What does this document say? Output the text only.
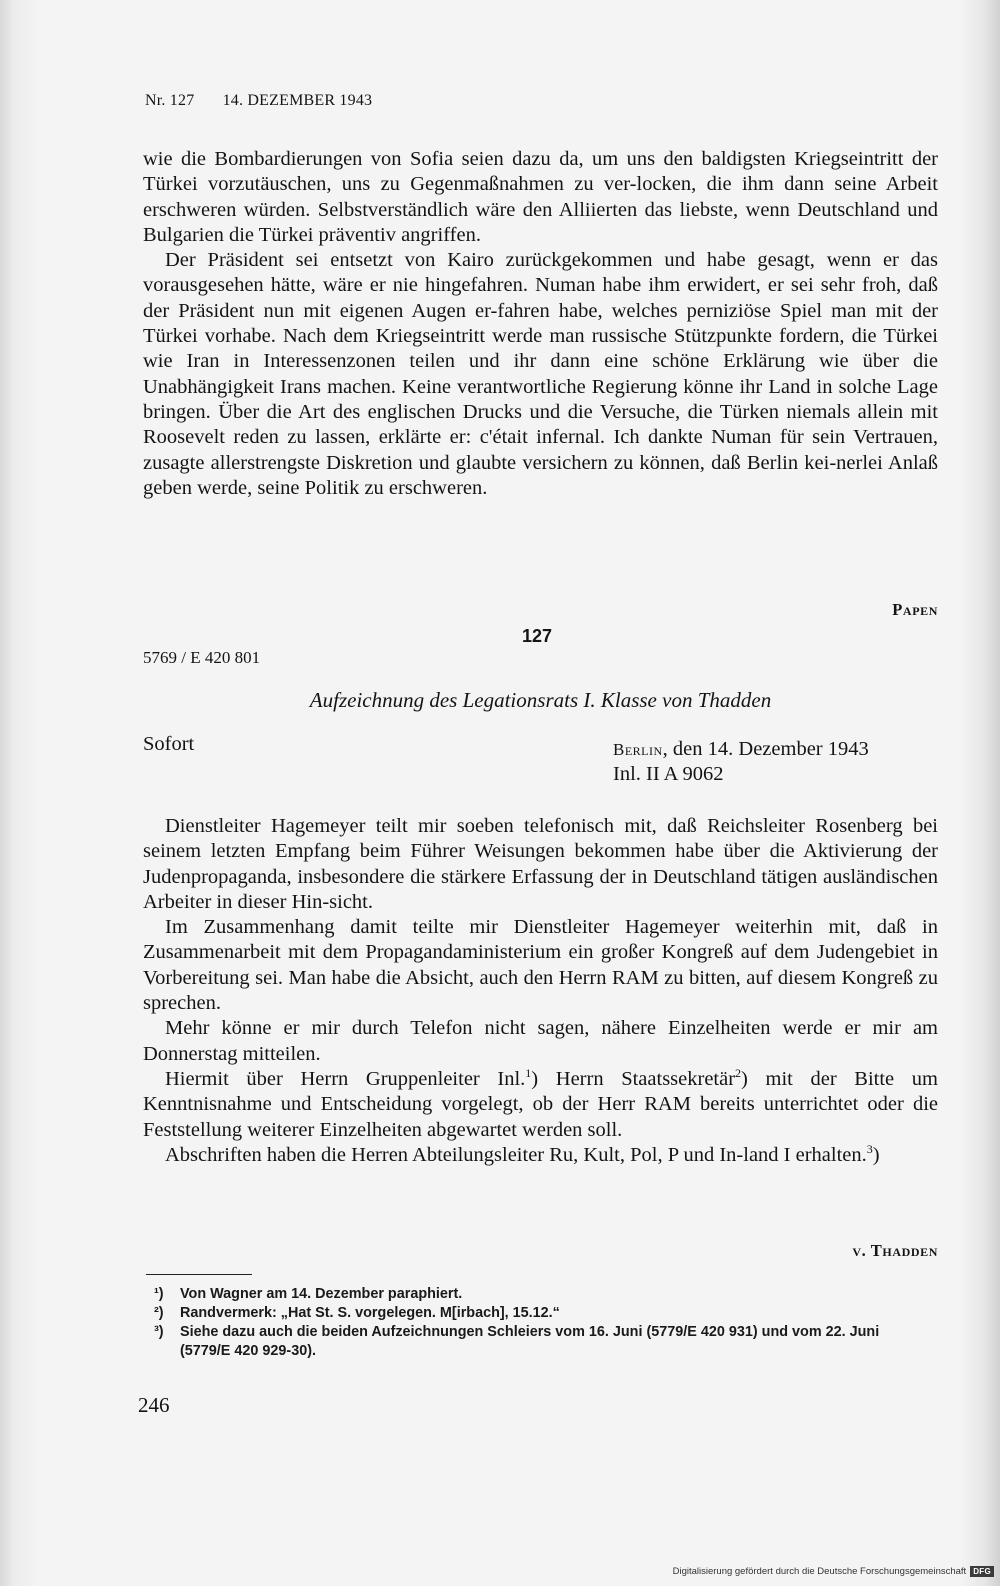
Nr. 127 14. DEZEMBER 1943

wie die Bombardierungen von Sofia seien dazu da, um uns den baldigsten Kriegseintritt der Türkei vorzutäuschen, uns zu Gegenmaßnahmen zu ver-locken, die ihm dann seine Arbeit erschweren würden. Selbstverständlich wäre den Alliierten das liebste, wenn Deutschland und Bulgarien die Türkei präventiv angriffen.

Der Präsident sei entsetzt von Kairo zurückgekommen und habe gesagt, wenn er das vorausgesehen hätte, wäre er nie hingefahren. Numan habe ihm erwidert, er sei sehr froh, daß der Präsident nun mit eigenen Augen er-fahren habe, welches perniziöse Spiel man mit der Türkei vorhabe. Nach dem Kriegseintritt werde man russische Stützpunkte fordern, die Türkei wie Iran in Interessenzonen teilen und ihr dann eine schöne Erklärung wie über die Unabhängigkeit Irans machen. Keine verantwortliche Regierung könne ihr Land in solche Lage bringen. Über die Art des englischen Drucks und die Versuche, die Türken niemals allein mit Roosevelt reden zu lassen, erklärte er: c'était infernal. Ich dankte Numan für sein Vertrauen, zusagte allerstrengste Diskretion und glaubte versichern zu können, daß Berlin kei-nerlei Anlaß geben werde, seine Politik zu erschweren.

Papen
127
5769 / E 420 801
Aufzeichnung des Legationsrats I. Klasse von Thadden
Sofort	Berlin, den 14. Dezember 1943
Inl. II A 9062

Dienstleiter Hagemeyer teilt mir soeben telefonisch mit, daß Reichsleiter Rosenberg bei seinem letzten Empfang beim Führer Weisungen bekommen habe über die Aktivierung der Judenpropaganda, insbesondere die stärkere Erfassung der in Deutschland tätigen ausländischen Arbeiter in dieser Hin-sicht.

Im Zusammenhang damit teilte mir Dienstleiter Hagemeyer weiterhin mit, daß in Zusammenarbeit mit dem Propagandaministerium ein großer Kongreß auf dem Judengebiet in Vorbereitung sei. Man habe die Absicht, auch den Herrn RAM zu bitten, auf diesem Kongreß zu sprechen.

Mehr könne er mir durch Telefon nicht sagen, nähere Einzelheiten werde er mir am Donnerstag mitteilen.

Hiermit über Herrn Gruppenleiter Inl.$^1$) Herrn Staatssekretär$^2$) mit der Bitte um Kenntnisnahme und Entscheidung vorgelegt, ob der Herr RAM bereits unterrichtet oder die Feststellung weiterer Einzelheiten abgewartet werden soll.

Abschriften haben die Herren Abteilungsleiter Ru, Kult, Pol, P und In-land I erhalten.$^3$)

v. Thadden
¹)	Von Wagner am 14. Dezember paraphiert.
²)	Randvermerk: „Hat St. S. vorgelegen. M[irbach], 15.12.“
³)	Siehe dazu auch die beiden Aufzeichnungen Schleiers vom 16. Juni (5779/E 420 931) und vom 22. Juni (5779/E 420 929-30).
246
Digitalisierung gefördert durch die Deutsche Forschungsgemeinschaft DFG
